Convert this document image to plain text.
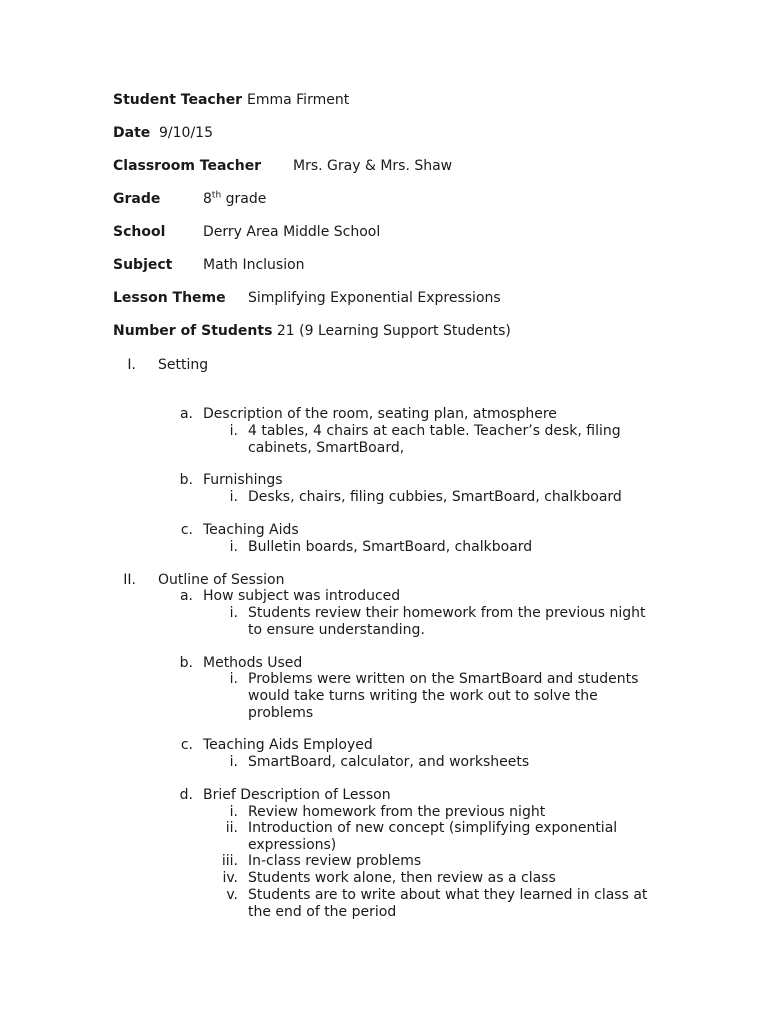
Student Teacher Emma Firment
Date 9/10/15
Classroom Teacher Mrs. Gray & Mrs. Shaw
Grade	8th grade
School	Derry Area Middle School
Subject Math Inclusion
Lesson Theme Simplifying Exponential Expressions
Number of Students 21 (9 Learning Support Students)
I. Setting
a. Description of the room, seating plan, atmosphere
i. 4 tables, 4 chairs at each table. Teacher’s desk, filing
cabinets, SmartBoard,
b. Furnishings
i. Desks, chairs, filing cubbies, SmartBoard, chalkboard
c. Teaching Aids
i. Bulletin boards, SmartBoard, chalkboard
II. Outline of Session
a. How subject was introduced
i. Students review their homework from the previous night
to ensure understanding.
b. Methods Used
i. Problems were written on the SmartBoard and students
would take turns writing the work out to solve the
problems
c. Teaching Aids Employed
i. SmartBoard, calculator, and worksheets
d. Brief Description of Lesson
i. Review homework from the previous night
ii. Introduction of new concept (simplifying exponential
expressions)
iii. In-class review problems
iv. Students work alone, then review as a class
v. Students are to write about what they learned in class at
the end of the period
